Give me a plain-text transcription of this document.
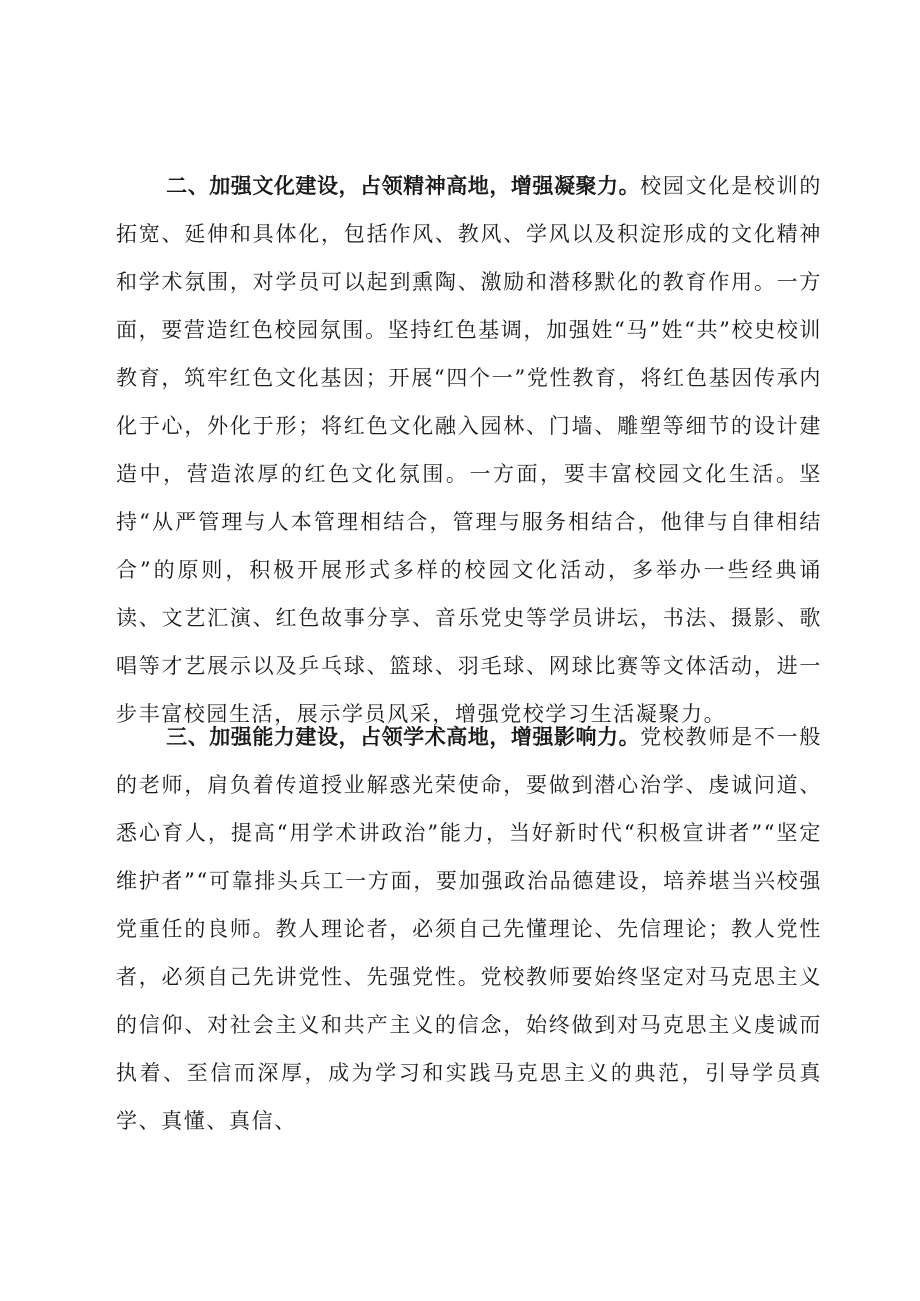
二、加强文化建设，占领精神高地，增强凝聚力。校园文化是校训的拓宽、延伸和具体化，包括作风、教风、学风以及积淀形成的文化精神和学术氛围，对学员可以起到熏陶、激励和潜移默化的教育作用。一方面，要营造红色校园氛围。坚持红色基调，加强姓“马”姓“共”校史校训教育，筑牢红色文化基因；开展“四个一”党性教育，将红色基因传承内化于心，外化于形；将红色文化融入园林、门墙、雕塑等细节的设计建造中，营造浓厚的红色文化氛围。一方面，要丰富校园文化生活。坚持“从严管理与人本管理相结合，管理与服务相结合，他律与自律相结合”的原则，积极开展形式多样的校园文化活动，多举办一些经典诵读、文艺汇演、红色故事分享、音乐党史等学员讲坛，书法、摄影、歌唱等才艺展示以及乒乓球、篮球、羽毛球、网球比赛等文体活动，进一步丰富校园生活，展示学员风采，增强党校学习生活凝聚力。

三、加强能力建设，占领学术高地，增强影响力。党校教师是不一般的老师，肩负着传道授业解惑光荣使命，要做到潜心治学、虔诚问道、悉心育人，提高“用学术讲政治”能力，当好新时代“积极宣讲者”“坚定维护者”“可靠排头兵工一方面，要加强政治品德建设，培养堪当兴校强党重任的良师。教人理论者，必须自己先懂理论、先信理论；教人党性者，必须自己先讲党性、先强党性。党校教师要始终坚定对马克思主义的信仰、对社会主义和共产主义的信念，始终做到对马克思主义虔诚而执着、至信而深厚，成为学习和实践马克思主义的典范，引导学员真学、真懂、真信、
